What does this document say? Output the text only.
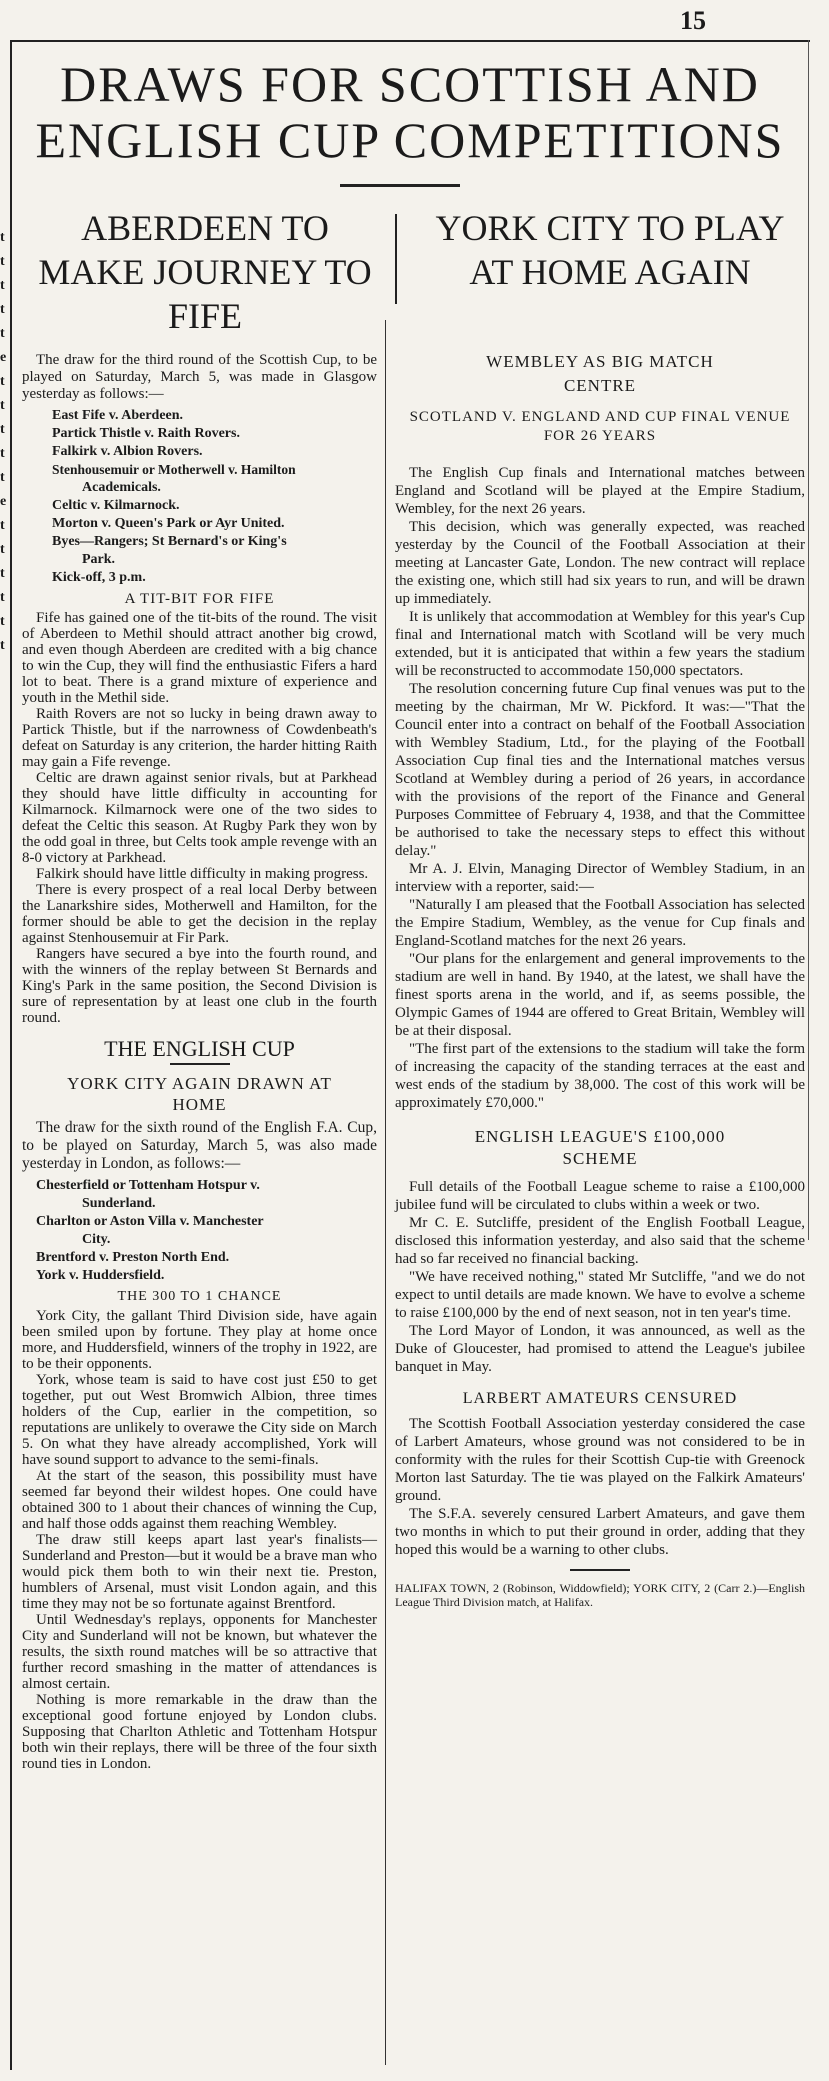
15
t
t
t
t
t
e
t
t
t
t
t
e
t
t
t
t
t
t
DRAWS FOR SCOTTISH AND ENGLISH CUP COMPETITIONS
ABERDEEN TO MAKE JOURNEY TO FIFE
YORK CITY TO PLAY AT HOME AGAIN

The draw for the third round of the Scottish Cup, to be played on Saturday, March 5, was made in Glasgow yesterday as follows:—

East Fife v. Aberdeen.
Partick Thistle v. Raith Rovers.
Falkirk v. Albion Rovers.
Stenhousemuir or Motherwell v. Hamilton
Academicals.
Celtic v. Kilmarnock.
Morton v. Queen's Park or Ayr United.
Byes—Rangers; St Bernard's or King's
Park.
Kick-off, 3 p.m.
A TIT-BIT FOR FIFE

Fife has gained one of the tit-bits of the round. The visit of Aberdeen to Methil should attract another big crowd, and even though Aberdeen are credited with a big chance to win the Cup, they will find the enthusiastic Fifers a hard lot to beat. There is a grand mixture of experience and youth in the Methil side.

Raith Rovers are not so lucky in being drawn away to Partick Thistle, but if the narrowness of Cowdenbeath's defeat on Saturday is any criterion, the harder hitting Raith may gain a Fife revenge.

Celtic are drawn against senior rivals, but at Parkhead they should have little difficulty in accounting for Kilmarnock. Kilmarnock were one of the two sides to defeat the Celtic this season. At Rugby Park they won by the odd goal in three, but Celts took ample revenge with an 8-0 victory at Parkhead.

Falkirk should have little difficulty in making progress.

There is every prospect of a real local Derby between the Lanarkshire sides, Motherwell and Hamilton, for the former should be able to get the decision in the replay against Stenhousemuir at Fir Park.

Rangers have secured a bye into the fourth round, and with the winners of the replay between St Bernards and King's Park in the same position, the Second Division is sure of representation by at least one club in the fourth round.

THE ENGLISH CUP
YORK CITY AGAIN DRAWN AT HOME

The draw for the sixth round of the English F.A. Cup, to be played on Saturday, March 5, was also made yesterday in London, as follows:—

Chesterfield or Tottenham Hotspur v.
Sunderland.
Charlton or Aston Villa v. Manchester
City.
Brentford v. Preston North End.
York v. Huddersfield.
THE 300 TO 1 CHANCE

York City, the gallant Third Division side, have again been smiled upon by fortune. They play at home once more, and Huddersfield, winners of the trophy in 1922, are to be their opponents.

York, whose team is said to have cost just £50 to get together, put out West Bromwich Albion, three times holders of the Cup, earlier in the competition, so reputations are unlikely to overawe the City side on March 5. On what they have already accomplished, York will have sound support to advance to the semi-finals.

At the start of the season, this possibility must have seemed far beyond their wildest hopes. One could have obtained 300 to 1 about their chances of winning the Cup, and half those odds against them reaching Wembley.

The draw still keeps apart last year's finalists—Sunderland and Preston—but it would be a brave man who would pick them both to win their next tie. Preston, humblers of Arsenal, must visit London again, and this time they may not be so fortunate against Brentford.

Until Wednesday's replays, opponents for Manchester City and Sunderland will not be known, but whatever the results, the sixth round matches will be so attractive that further record smashing in the matter of attendances is almost certain.

Nothing is more remarkable in the draw than the exceptional good fortune enjoyed by London clubs. Supposing that Charlton Athletic and Tottenham Hotspur both win their replays, there will be three of the four sixth round ties in London.

WEMBLEY AS BIG MATCH CENTRE
SCOTLAND V. ENGLAND AND CUP FINAL VENUE FOR 26 YEARS

The English Cup finals and International matches between England and Scotland will be played at the Empire Stadium, Wembley, for the next 26 years.

This decision, which was generally expected, was reached yesterday by the Council of the Football Association at their meeting at Lancaster Gate, London. The new contract will replace the existing one, which still had six years to run, and will be drawn up immediately.

It is unlikely that accommodation at Wembley for this year's Cup final and International match with Scotland will be very much extended, but it is anticipated that within a few years the stadium will be reconstructed to accommodate 150,000 spectators.

The resolution concerning future Cup final venues was put to the meeting by the chairman, Mr W. Pickford. It was:—"That the Council enter into a contract on behalf of the Football Association with Wembley Stadium, Ltd., for the playing of the Football Association Cup final ties and the International matches versus Scotland at Wembley during a period of 26 years, in accordance with the provisions of the report of the Finance and General Purposes Committee of February 4, 1938, and that the Committee be authorised to take the necessary steps to effect this without delay."

Mr A. J. Elvin, Managing Director of Wembley Stadium, in an interview with a reporter, said:—

"Naturally I am pleased that the Football Association has selected the Empire Stadium, Wembley, as the venue for Cup finals and England-Scotland matches for the next 26 years.

"Our plans for the enlargement and general improvements to the stadium are well in hand. By 1940, at the latest, we shall have the finest sports arena in the world, and if, as seems possible, the Olympic Games of 1944 are offered to Great Britain, Wembley will be at their disposal.

"The first part of the extensions to the stadium will take the form of increasing the capacity of the standing terraces at the east and west ends of the stadium by 38,000. The cost of this work will be approximately £70,000."

ENGLISH LEAGUE'S £100,000 SCHEME

Full details of the Football League scheme to raise a £100,000 jubilee fund will be circulated to clubs within a week or two.

Mr C. E. Sutcliffe, president of the English Football League, disclosed this information yesterday, and also said that the scheme had so far received no financial backing.

"We have received nothing," stated Mr Sutcliffe, "and we do not expect to until details are made known. We have to evolve a scheme to raise £100,000 by the end of next season, not in ten year's time.

The Lord Mayor of London, it was announced, as well as the Duke of Gloucester, had promised to attend the League's jubilee banquet in May.

LARBERT AMATEURS CENSURED

The Scottish Football Association yesterday considered the case of Larbert Amateurs, whose ground was not considered to be in conformity with the rules for their Scottish Cup-tie with Greenock Morton last Saturday. The tie was played on the Falkirk Amateurs' ground.

The S.F.A. severely censured Larbert Amateurs, and gave them two months in which to put their ground in order, adding that they hoped this would be a warning to other clubs.

HALIFAX TOWN, 2 (Robinson, Widdowfield); YORK CITY, 2 (Carr 2.)—English League Third Division match, at Halifax.
